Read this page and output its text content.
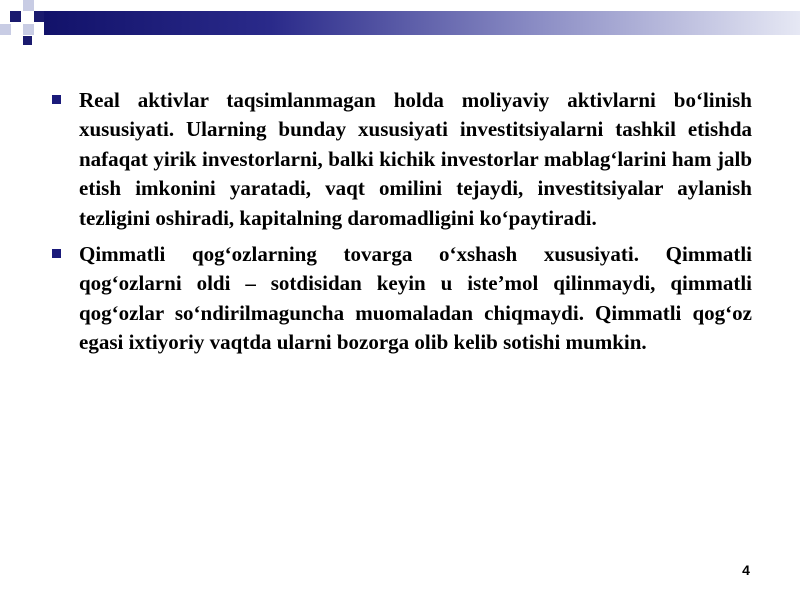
Real aktivlar taqsimlanmagan holda moliyaviy aktivlarni bo‘linish xususiyati. Ularning bunday xususiyati investitsiyalarni tashkil etishda nafaqat yirik investorlarni, balki kichik investorlar mablag‘larini ham jalb etish imkonini yaratadi, vaqt omilini tejaydi, investitsiyalar aylanish tezligini oshiradi, kapitalning daromadligini ko‘paytiradi.
Qimmatli qog‘ozlarning tovarga o‘xshash xususiyati. Qimmatli qog‘ozlarni oldi – sotdisidan keyin u iste’mol qilinmaydi, qimmatli qog‘ozlar so‘ndirilmaguncha muomaladan chiqmaydi. Qimmatli qog‘oz egasi ixtiyoriy vaqtda ularni bozorga olib kelib sotishi mumkin.
4
